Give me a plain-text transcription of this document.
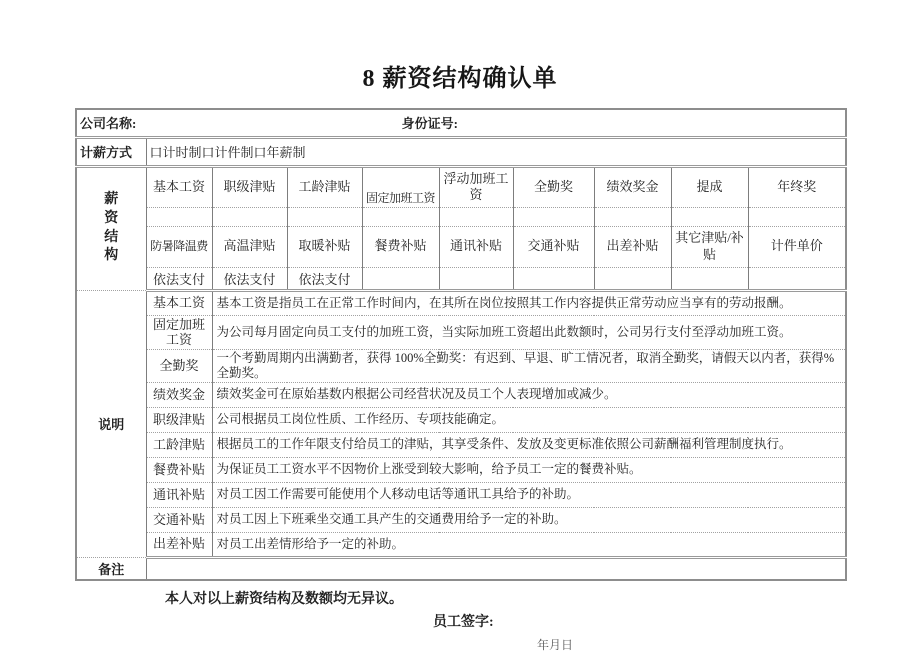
8 薪资结构确认单
公司名称: 身份证号:									
计薪方式	口计时制口计件制口年薪制								

薪资结构	基本工资	职级津贴	工龄津贴	固定加班工资	浮动加班工资	全勤奖	绩效奖金	提成	年终奖

	防暑降温费	高温津贴	取暖补贴	餐费补贴	通讯补贴	交通补贴	出差补贴	其它津贴/补贴	计件单价
	依法支付	依法支付	依法支付						
说明	基本工资	基本工资是指员工在正常工作时间内，在其所在岗位按照其工作内容提供正常劳动应当享有的劳动报酬。							
	固定加班工资	为公司每月固定向员工支付的加班工资，当实际加班工资超出此数额时，公司另行支付至浮动加班工资。							
	全勤奖	一个考勤周期内出满勤者，获得 100%全勤奖：有迟到、早退、旷工情况者，取消全勤奖，请假天以内者，获得%全勤奖。							
	绩效奖金	绩效奖金可在原始基数内根据公司经营状况及员工个人表现增加或减少。							
	职级津贴	公司根据员工岗位性质、工作经历、专项技能确定。							
	工龄津贴	根据员工的工作年限支付给员工的津贴，其享受条件、发放及变更标准依照公司薪酬福利管理制度执行。							
	餐费补贴	为保证员工工资水平不因物价上涨受到较大影响，给予员工一定的餐费补贴。							
	通讯补贴	对员工因工作需要可能使用个人移动电话等通讯工具给予的补助。							
	交通补贴	对员工因上下班乘坐交通工具产生的交通费用给予一定的补助。							
	出差补贴	对员工出差情形给予一定的补助。							
备注									
本人对以上薪资结构及数额均无异议。
员工签字:
年月日
